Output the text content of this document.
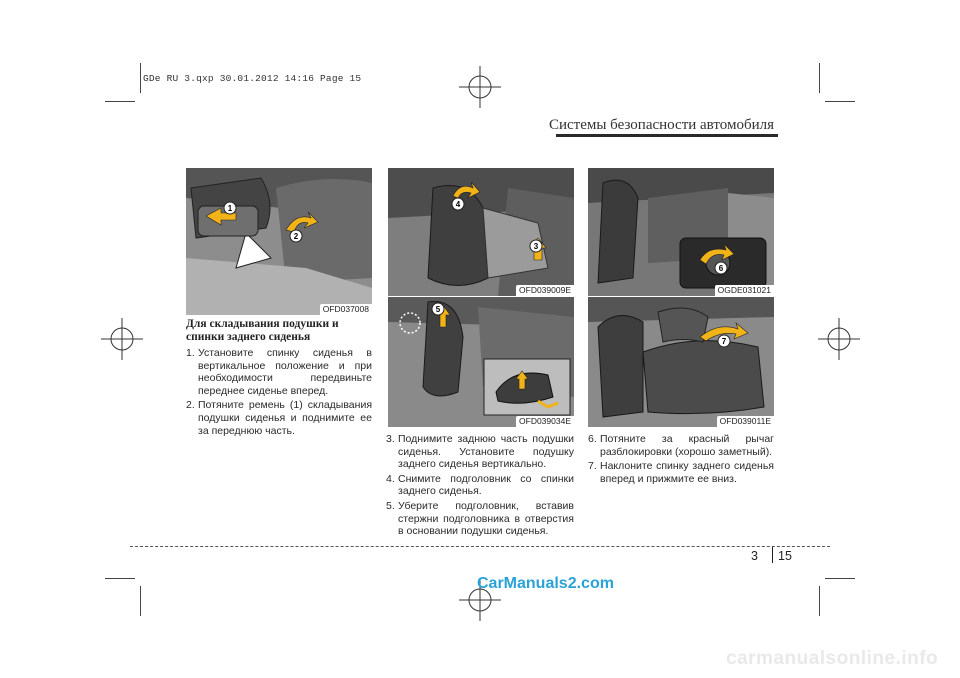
GDe RU 3.qxp 30.01.2012 14:16 Page 15
Системы безопасности автомобиля
1
2
OFD037008
4
3
OFD039009E
5
OFD039034E
6
OGDE031021
7
OFD039011E
Для складывания подушки и спинки заднего сиденья
1. Установите спинку сиденья в вертикальное положение и при необходимости передвиньте переднее сиденье вперед.
2. Потяните ремень (1) складывания подушки сиденья и поднимите ее за переднюю часть.
3. Поднимите заднюю часть подушки сиденья. Установите подушку заднего сиденья вертикально.
4. Снимите подголовник со спинки заднего сиденья.
5. Уберите подголовник, вставив стержни подголовника в отверстия в основании подушки сиденья.
6. Потяните за красный рычаг разблокировки (хорошо заметный).
7. Наклоните спинку заднего сиденья вперед и прижмите ее вниз.
3 15
CarManuals2.com
carmanualsonline.info
